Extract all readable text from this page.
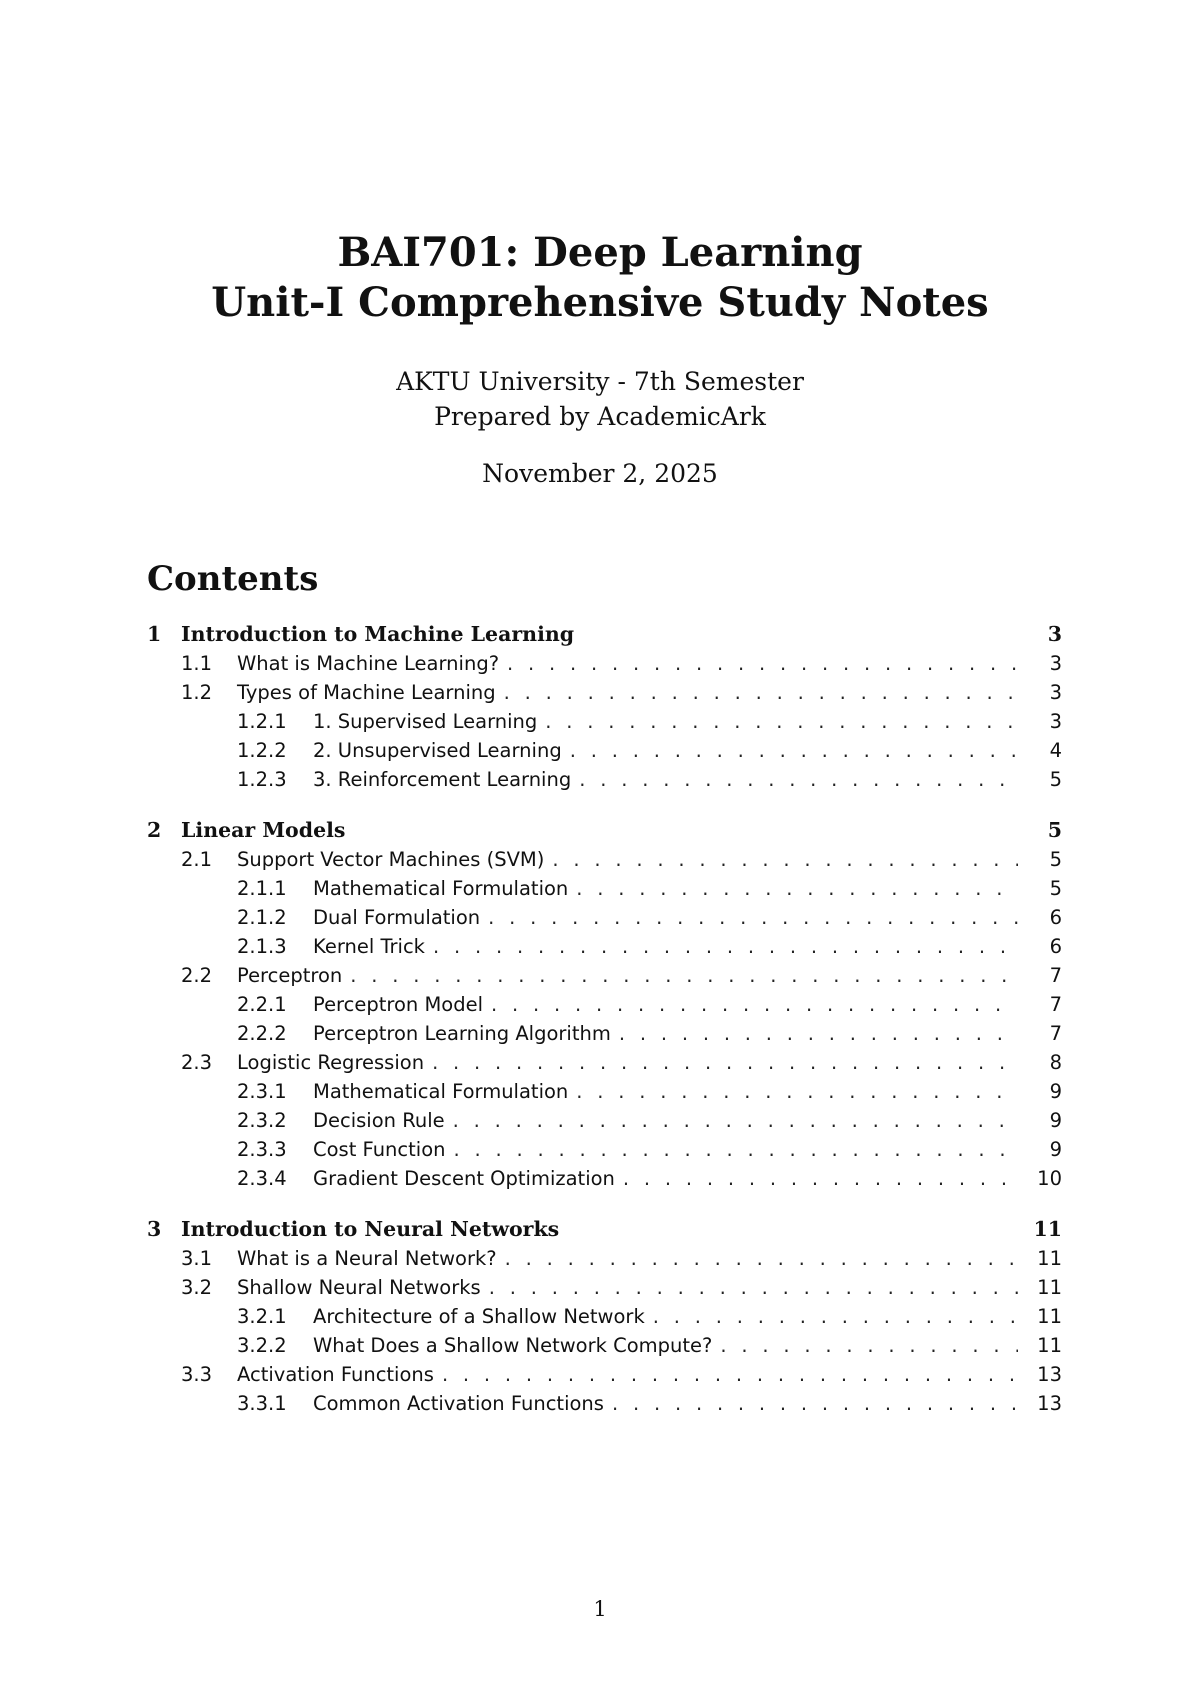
BAI701: Deep Learning
Unit-I Comprehensive Study Notes
AKTU University - 7th Semester
Prepared by AcademicArk
November 2, 2025
Contents
1 Introduction to Machine Learning	3
1.1	What is Machine Learning? . . .	3
1.2	Types of Machine Learning . . .	3
1.2.1	1. Supervised Learning . . .	3
1.2.2	2. Unsupervised Learning . . .	4
1.2.3	3. Reinforcement Learning . . .	5
2 Linear Models	5
2.1	Support Vector Machines (SVM) . . .	5
2.1.1	Mathematical Formulation . . .	5
2.1.2	Dual Formulation . . .	6
2.1.3	Kernel Trick . . .	6
2.2	Perceptron . . .	7
2.2.1	Perceptron Model . . .	7
2.2.2	Perceptron Learning Algorithm . . .	7
2.3	Logistic Regression . . .	8
2.3.1	Mathematical Formulation . . .	9
2.3.2	Decision Rule . . .	9
2.3.3	Cost Function . . .	9
2.3.4	Gradient Descent Optimization . . .	10
3 Introduction to Neural Networks	11
3.1	What is a Neural Network? . . .	11
3.2	Shallow Neural Networks . . .	11
3.2.1	Architecture of a Shallow Network . . .	11
3.2.2	What Does a Shallow Network Compute? . . .	11
3.3	Activation Functions . . .	13
3.3.1	Common Activation Functions . . .	13
1
